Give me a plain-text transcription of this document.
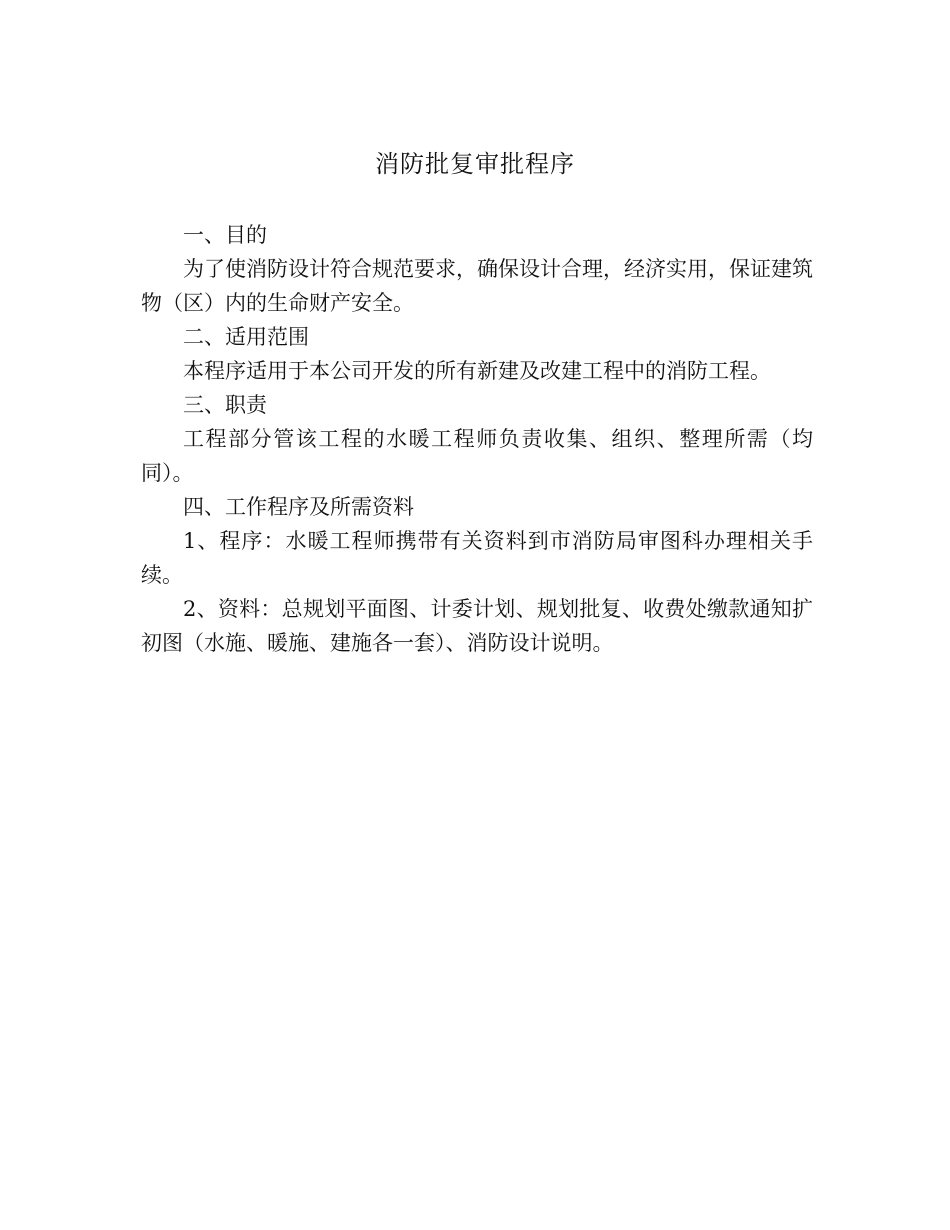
消防批复审批程序

一、目的

为了使消防设计符合规范要求，确保设计合理，经济实用，保证建筑物（区）内的生命财产安全。

二、适用范围

本程序适用于本公司开发的所有新建及改建工程中的消防工程。

三、职责

工程部分管该工程的水暖工程师负责收集、组织、整理所需（均同）。

四、工作程序及所需资料

1、程序：水暖工程师携带有关资料到市消防局审图科办理相关手续。

2、资料：总规划平面图、计委计划、规划批复、收费处缴款通知扩初图（水施、暖施、建施各一套）、消防设计说明。
